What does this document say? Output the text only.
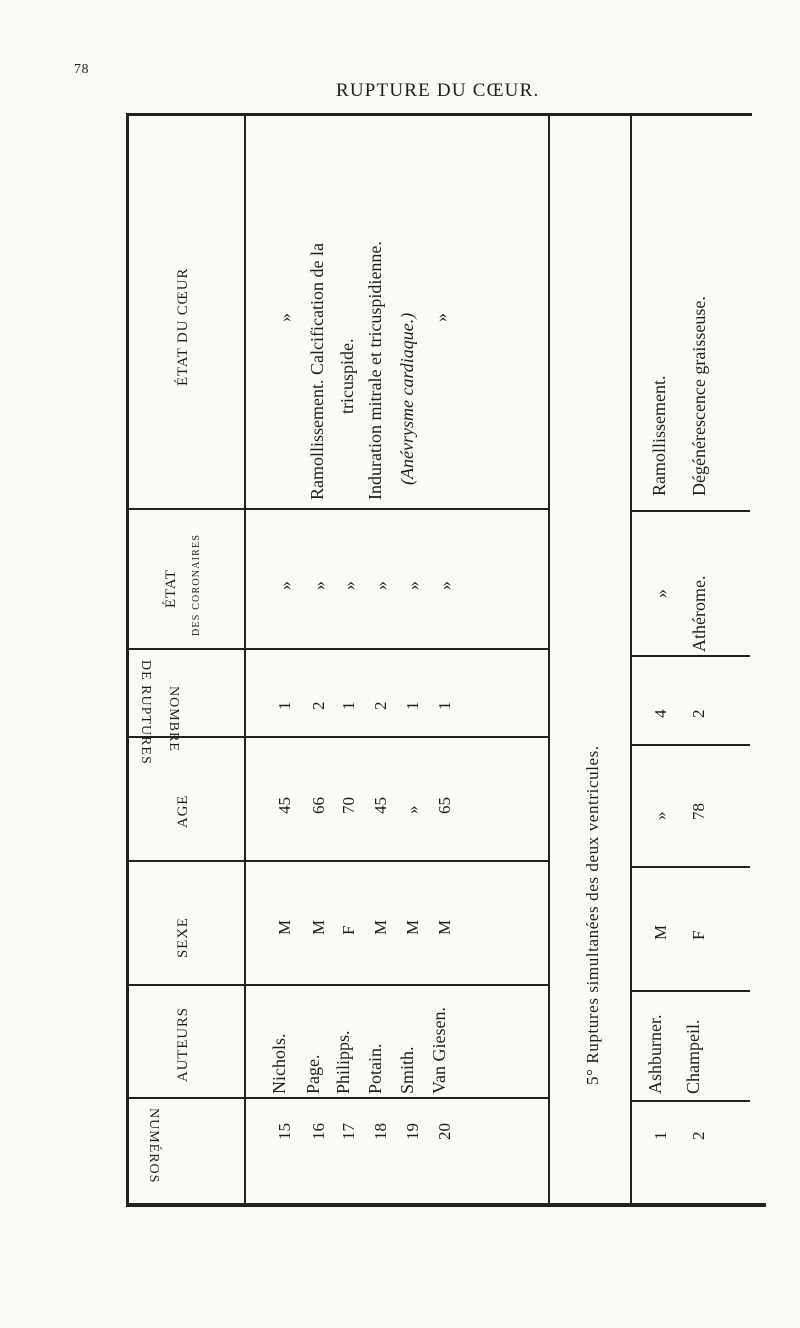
78
RUPTURE DU CŒUR.
ÉTAT DU CŒUR
ÉTAT DES CORONAIRES
DE RUPTURES NOMBRE
AGE
SEXE
AUTEURS
NUMÉROS
»
»
1
45
M
Nichols.
15
Ramollissement. Calcification de la
»
2
66
M
Page.
16
tricuspide.
»
1
70
F
Philipps.
17
Induration mitrale et tricuspidienne.
»
2
45
M
Potain.
18
(Anévrysme cardiaque.)
»
1
»
M
Smith.
19
»
»
1
65
M
Van Giesen.
20
5° Ruptures simultanées des deux ventricules.
Ramollissement.
»
4
»
M
Ashburner.
1
Dégénérescence graisseuse.
Athérome.
2
78
F
Champeil.
2
